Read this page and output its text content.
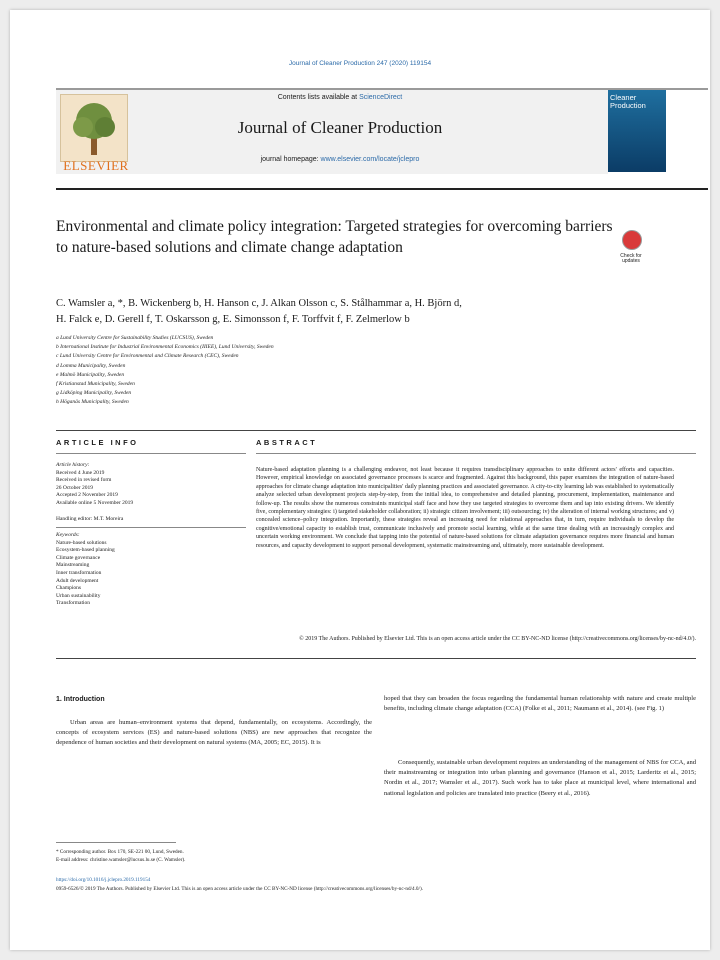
Journal of Cleaner Production 247 (2020) 119154
ELSEVIER
Contents lists available at ScienceDirect
Journal of Cleaner Production
journal homepage: www.elsevier.com/locate/jclepro
Cleaner Production
Environmental and climate policy integration: Targeted strategies for overcoming barriers to nature-based solutions and climate change adaptation	Check for updates
C. Wamsler a, *, B. Wickenberg b, H. Hanson c, J. Alkan Olsson c, S. Stålhammar a, H. Björn d,
H. Falck e, D. Gerell f, T. Oskarsson g, E. Simonsson f, F. Torffvit f, F. Zelmerlow b
a Lund University Centre for Sustainability Studies (LUCSUS), Sweden
b International Institute for Industrial Environmental Economics (IIIEE), Lund University, Sweden
c Lund University Centre for Environmental and Climate Research (CEC), Sweden
d Lomma Municipality, Sweden
e Malmö Municipality, Sweden
f Kristianstad Municipality, Sweden
g Lidköping Municipality, Sweden
h Höganäs Municipality, Sweden
ARTICLE INFO
Article history:
Received 4 June 2019
Received in revised form
26 October 2019
Accepted 2 November 2019
Available online 5 November 2019
Handling editor: M.T. Moreira
Keywords:
Nature-based solutions
Ecosystem-based planning
Climate governance
Mainstreaming
Inner transformation
Adult development
Champions
Urban sustainability
Transformation
ABSTRACT
Nature-based adaptation planning is a challenging endeavor, not least because it requires transdisciplinary approaches to unite different actors' efforts and capacities. However, empirical knowledge on associated governance processes is scarce and fragmented. Against this background, this paper examines the integration of nature-based approaches for climate change adaptation into municipalities' daily planning practices and associated governance. A city-to-city learning lab was established to systematically analyze selected urban development projects step-by-step, from the initial idea, to comprehensive and detailed planning, procurement, implementation, maintenance and follow-up. The results show the numerous constraints municipal staff face and how they use targeted strategies to overcome them and tap into existing drivers. We identify five, complementary strategies: i) targeted stakeholder collaboration; ii) strategic citizen involvement; iii) outsourcing; iv) the alteration of internal working structures; and v) concealed science–policy integration. Importantly, these strategies reveal an increasing need for relational approaches that, in turn, require individuals to develop the cognitive/emotional capacity to establish trust, communicate inclusively and promote social learning, while at the same time dealing with an increasingly complex and uncertain working environment. We conclude that tapping into the potential of nature-based solutions for climate adaptation governance requires more financial and human resources, and capacity development to support personal development, systematic mainstreaming and, ultimately, more sustainable development.
© 2019 The Authors. Published by Elsevier Ltd. This is an open access article under the CC BY-NC-ND license (http://creativecommons.org/licenses/by-nc-nd/4.0/).
1. Introduction
Urban areas are human–environment systems that depend, fundamentally, on ecosystems. Accordingly, the concepts of ecosystem services (ES) and nature-based solutions (NBS) are new approaches that recognize the dependence of human societies and their development on natural systems (MA, 2005; EC, 2015). It is
hoped that they can broaden the focus regarding the fundamental human relationship with nature and create multiple benefits, including climate change adaptation (CCA) (Folke et al., 2011; Naumann et al., 2014). (see Fig. 1)
Consequently, sustainable urban development requires an understanding of the management of NBS for CCA, and their mainstreaming or integration into urban planning and governance (Hanson et al., 2015; Larderitz et al., 2015; Nordin et al., 2017; Wamsler et al., 2017). Such work has to take place at municipal level, where international and national legislation and policies are translated into practice (Beery et al., 2016).
* Corresponding author. Box 170, SE-221 00, Lund, Sweden.
E-mail address: christine.wamsler@lucsus.lu.se (C. Wamsler).
https://doi.org/10.1016/j.jclepro.2019.119154
0959-6526/© 2019 The Authors. Published by Elsevier Ltd. This is an open access article under the CC BY-NC-ND license (http://creativecommons.org/licenses/by-nc-nd/4.0/).
